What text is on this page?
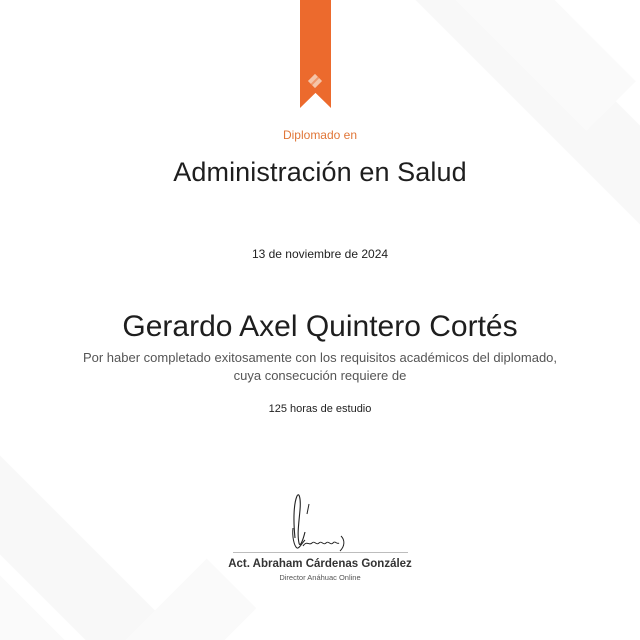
Diplomado en
Administración en Salud
13 de noviembre de 2024
Gerardo Axel Quintero Cortés
Por haber completado exitosamente con los requisitos académicos del diplomado,
cuya consecución requiere de
125 horas de estudio
Act. Abraham Cárdenas González
Director Anáhuac Online
